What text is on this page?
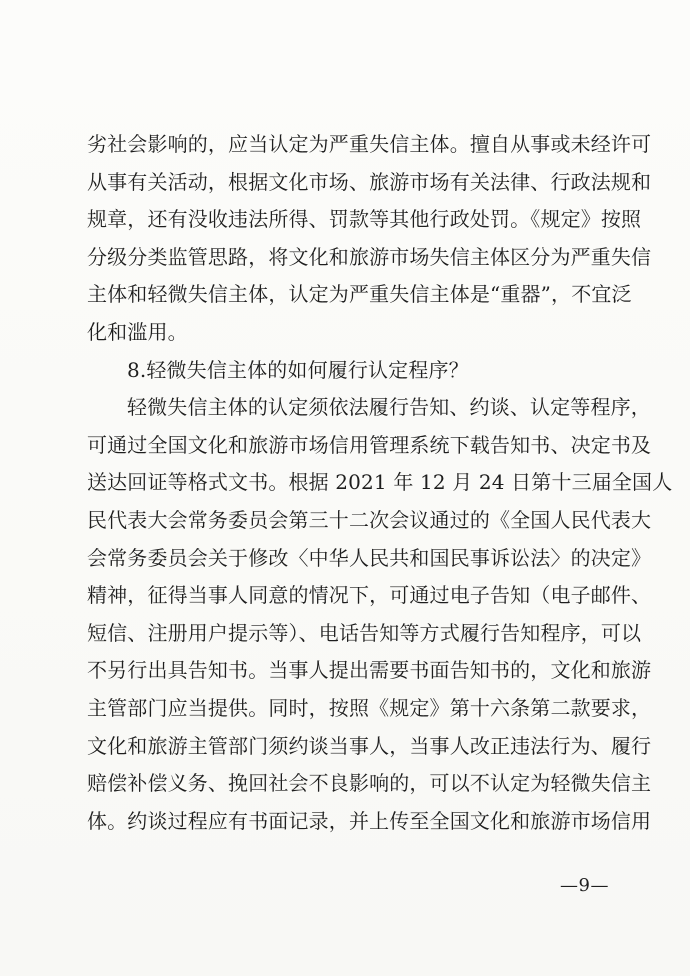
劣社会影响的，应当认定为严重失信主体。擅自从事或未经许可
从事有关活动，根据文化市场、旅游市场有关法律、行政法规和
规章，还有没收违法所得、罚款等其他行政处罚。《规定》按照
分级分类监管思路，将文化和旅游市场失信主体区分为严重失信
主体和轻微失信主体，认定为严重失信主体是“重器”，不宜泛
化和滥用。
8.轻微失信主体的如何履行认定程序？
轻微失信主体的认定须依法履行告知、约谈、认定等程序，
可通过全国文化和旅游市场信用管理系统下载告知书、决定书及
送达回证等格式文书。根据 2021 年 12 月 24 日第十三届全国人
民代表大会常务委员会第三十二次会议通过的《全国人民代表大
会常务委员会关于修改〈中华人民共和国民事诉讼法〉的决定》
精神，征得当事人同意的情况下，可通过电子告知（电子邮件、
短信、注册用户提示等）、电话告知等方式履行告知程序，可以
不另行出具告知书。当事人提出需要书面告知书的，文化和旅游
主管部门应当提供。同时，按照《规定》第十六条第二款要求，
文化和旅游主管部门须约谈当事人，当事人改正违法行为、履行
赔偿补偿义务、挽回社会不良影响的，可以不认定为轻微失信主
体。约谈过程应有书面记录，并上传至全国文化和旅游市场信用
—9—
